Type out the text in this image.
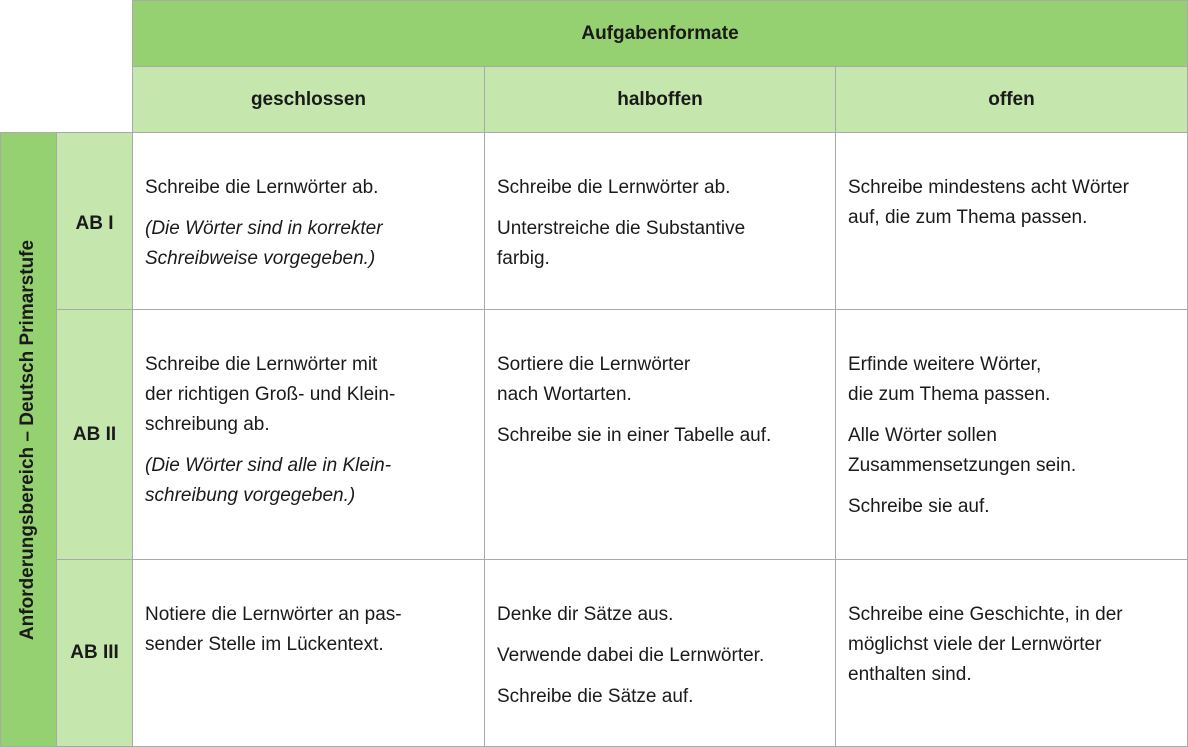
Aufgabenformate
geschlossen	halboffen	offen
Anforderungsbereich – Deutsch Primarstufe
AB I
AB II
AB III

Schreibe die Lernwörter ab.

(Die Wörter sind in korrekter
Schreibweise vorgegeben.)

Schreibe die Lernwörter ab.

Unterstreiche die Substantive
farbig.

Schreibe mindestens acht Wörter
auf, die zum Thema passen.

Schreibe die Lernwörter mit
der richtigen Groß- und Klein-
schreibung ab.

(Die Wörter sind alle in Klein-
schreibung vorgegeben.)

Sortiere die Lernwörter
nach Wortarten.

Schreibe sie in einer Tabelle auf.

Erfinde weitere Wörter,
die zum Thema passen.

Alle Wörter sollen
Zusammensetzungen sein.

Schreibe sie auf.

Notiere die Lernwörter an pas-
sender Stelle im Lückentext.

Denke dir Sätze aus.

Verwende dabei die Lernwörter.

Schreibe die Sätze auf.

Schreibe eine Geschichte, in der
möglichst viele der Lernwörter
enthalten sind.
